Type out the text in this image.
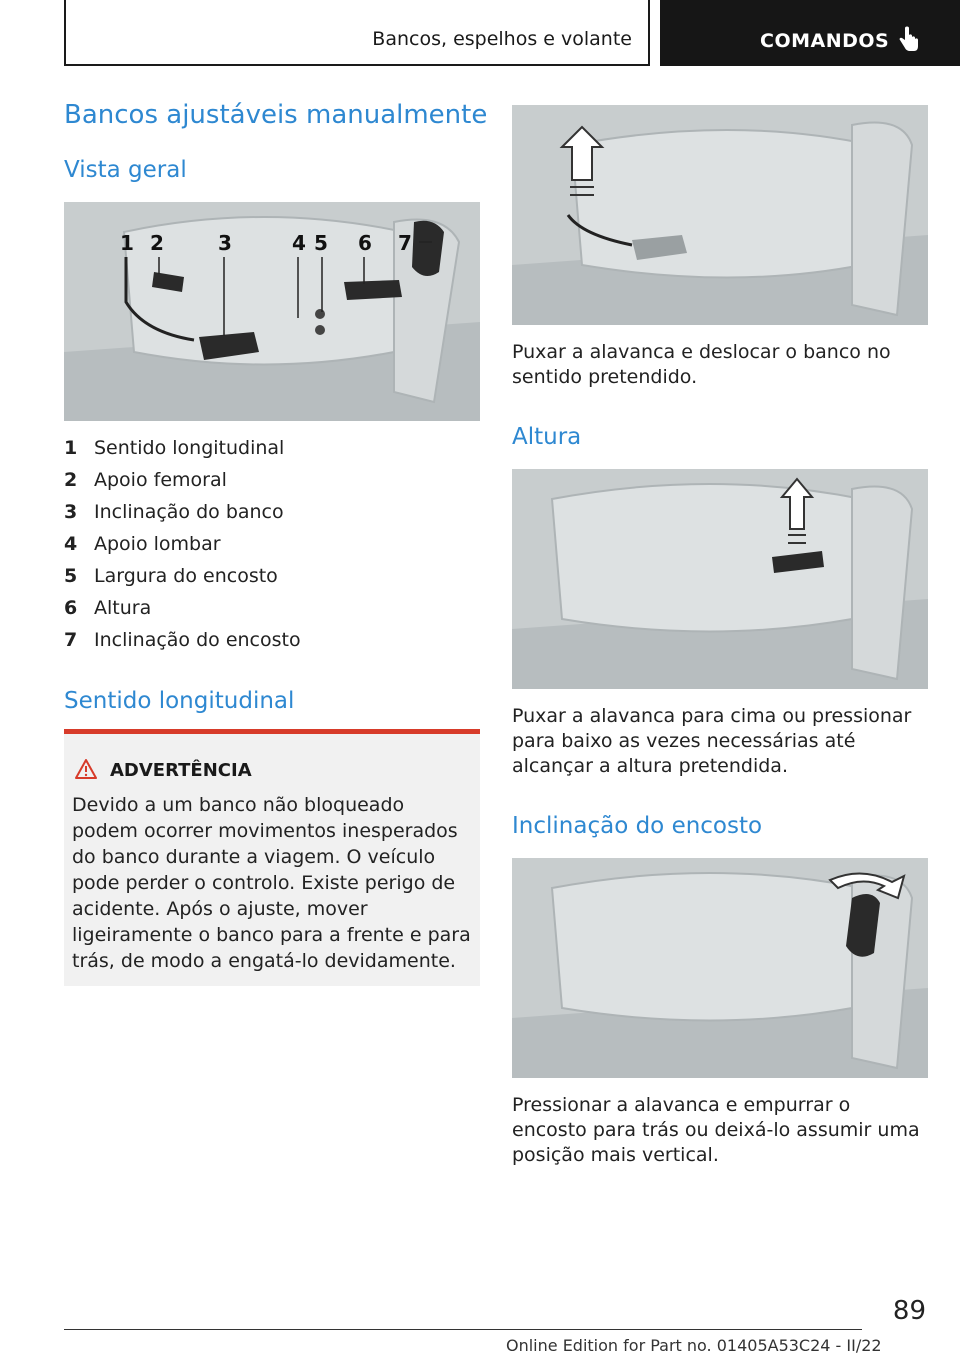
Bancos, espelhos e volante	COMANDOS
Bancos ajustáveis manualmente
Vista geral
1 2	3	4 5 6 7
1 Sentido longitudinal
2 Apoio femoral
3 Inclinação do banco
4 Apoio lombar
5 Largura do encosto
6 Altura
7 Inclinação do encosto
Sentido longitudinal
ADVERTÊNCIA
Devido a um banco não bloqueado podem ocorrer movimentos inesperados do banco durante a viagem. O veículo pode perder o controlo. Existe perigo de acidente. Após o ajuste, mover ligeiramente o banco para a frente e para trás, de modo a engatá-lo devidamente.

Puxar a alavanca e deslocar o banco no sentido pretendido.

Altura

Puxar a alavanca para cima ou pressionar para baixo as vezes necessárias até alcançar a altura pretendida.

Inclinação do encosto

Pressionar a alavanca e empurrar o encosto para trás ou deixá-lo assumir uma posição mais vertical.

89
Online Edition for Part no. 01405A53C24 - II/22
